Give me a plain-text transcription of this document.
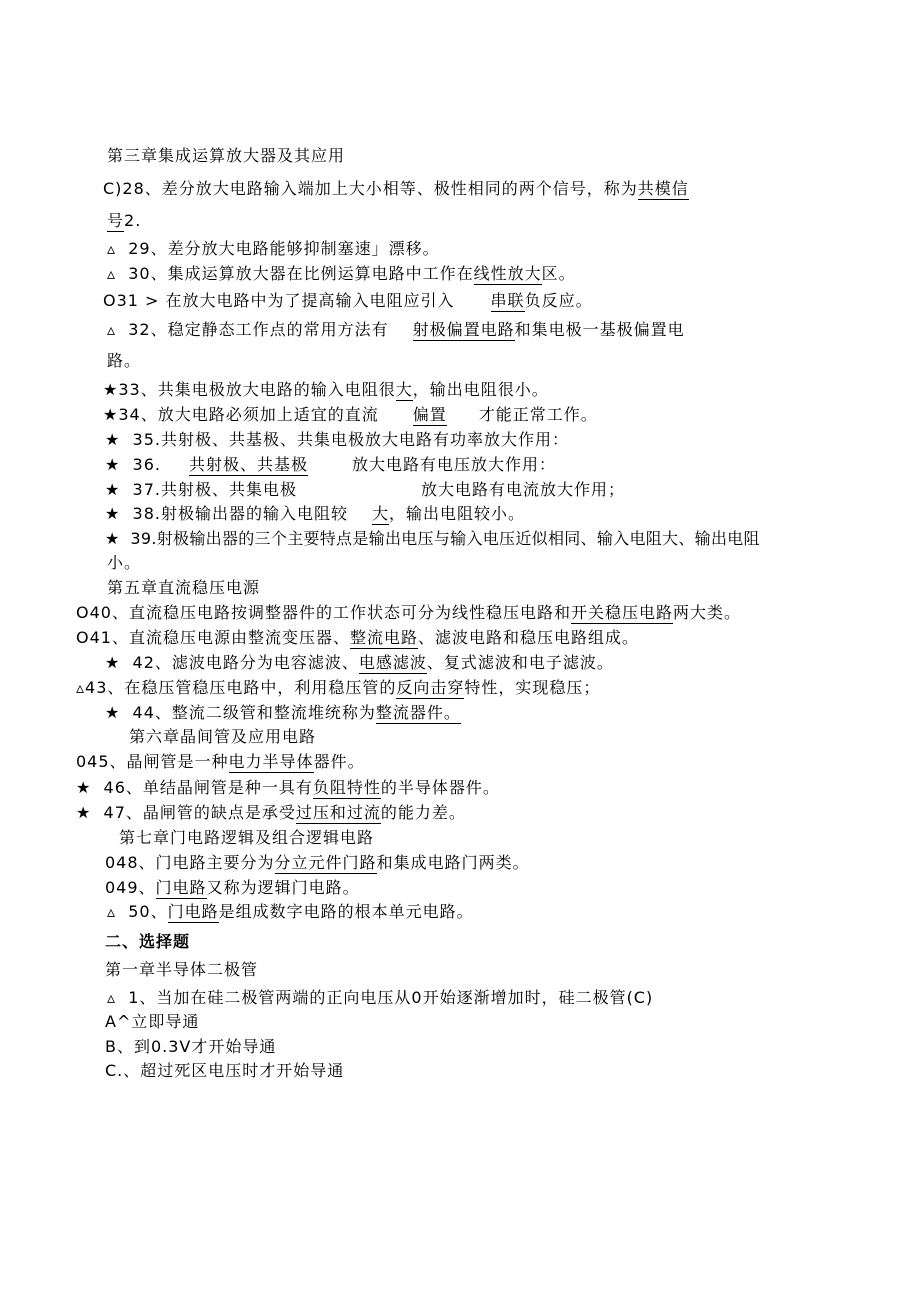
第三章集成运算放大器及其应用
C)28、差分放大电路输入端加上大小相等、极性相同的两个信号，称为共模信
号2.
▵  29、差分放大电路能够抑制塞速」漂移。
▵  30、集成运算放大器在比例运算电路中工作在线性放大区。
O31 > 在放大电路中为了提高输入电阻应引入 串联负反应。
▵  32、稳定静态工作点的常用方法有 射极偏置电路和集电极一基极偏置电
路。
★33、共集电极放大电路的输入电阻很大，输出电阻很小。
★34、放大电路必须加上适宜的直流 偏置 才能正常工作。
★  35.共射极、共基极、共集电极放大电路有功率放大作用：
★  36. 共射极、共基极	放大电路有电压放大作用：
★  37.共射极、共集电极	放大电路有电流放大作用；
★  38.射极输出器的输入电阻较 大，输出电阻较小。
★  39.射极输出器的三个主要特点是输出电压与输入电压近似相同、输入电阻大、输出电阻
小。
第五章直流稳压电源
O40、直流稳压电路按调整器件的工作状态可分为线性稳压电路和开关稳压电路两大类。
O41、直流稳压电源由整流变压器、整流电路、滤波电路和稳压电路组成。
★  42、滤波电路分为电容滤波、电感滤波、复式滤波和电子滤波。
▵43、在稳压管稳压电路中，利用稳压管的反向击穿特性，实现稳压；
★  44、整流二级管和整流堆统称为整流器件。
第六章晶间管及应用电路
045、晶闸管是一种电力半导体器件。
★  46、单结晶闸管是种一具有负阻特性的半导体器件。
★  47、晶闸管的缺点是承受过压和过流的能力差。
第七章门电路逻辑及组合逻辑电路
048、门电路主要分为分立元件门路和集成电路门两类。
049、门电路又称为逻辑门电路。
▵  50、门电路是组成数字电路的根本单元电路。
二、选择题
第一章半导体二极管
▵  1、当加在硅二极管两端的正向电压从0开始逐渐增加时，硅二极管(C)
A^立即导通
B、到0.3V才开始导通
C.、超过死区电压时才开始导通
